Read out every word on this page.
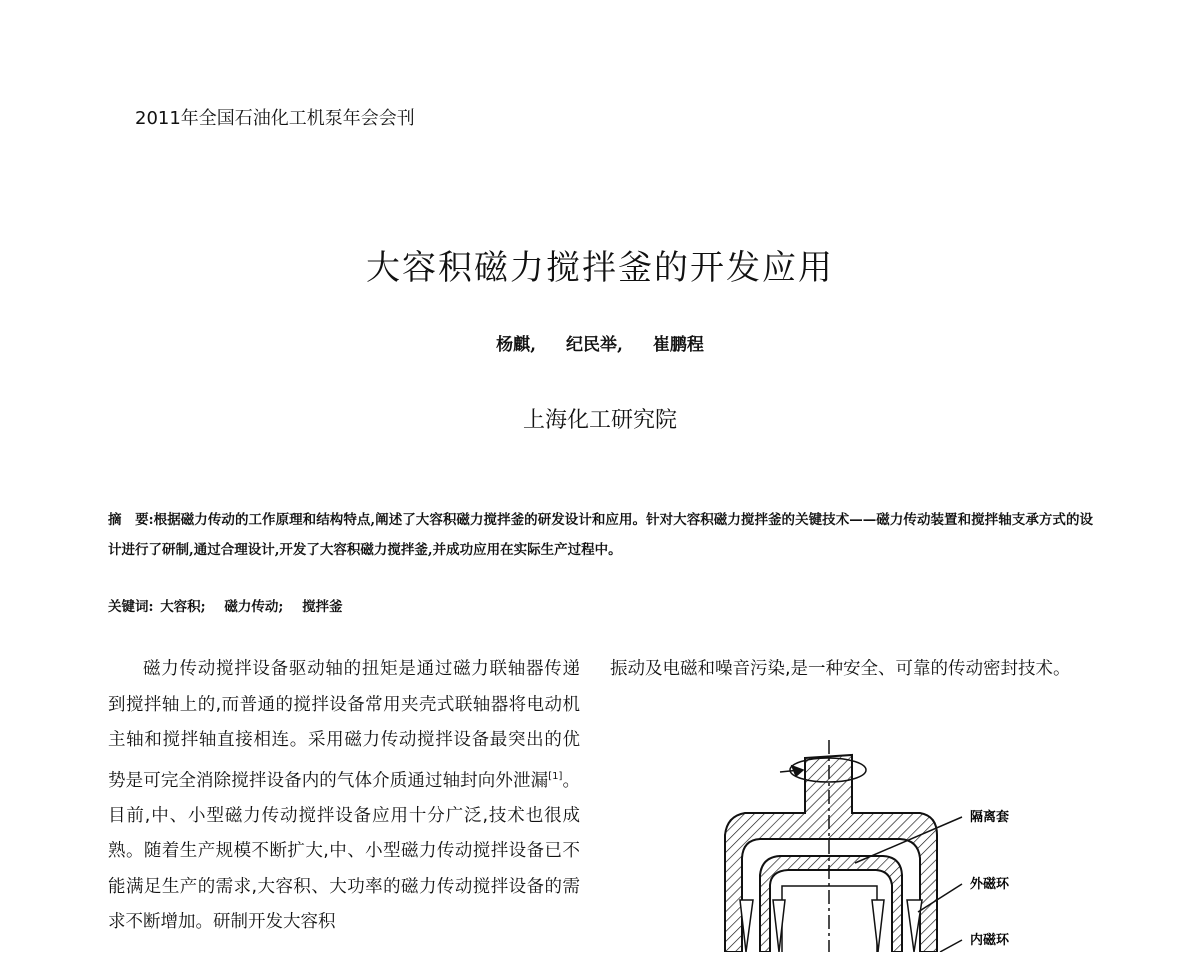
2011年全国石油化工机泵年会会刊
大容积磁力搅拌釜的开发应用
杨麒, 纪民举, 崔鹏程
上海化工研究院
摘　要:根据磁力传动的工作原理和结构特点,阐述了大容积磁力搅拌釜的研发设计和应用。针对大容积磁力搅拌釜的关键技术——磁力传动装置和搅拌轴支承方式的设计进行了研制,通过合理设计,开发了大容积磁力搅拌釜,并成功应用在实际生产过程中。
关键词: 大容积; 磁力传动; 搅拌釜
磁力传动搅拌设备驱动轴的扭矩是通过磁力联轴器传递到搅拌轴上的,而普通的搅拌设备常用夹壳式联轴器将电动机主轴和搅拌轴直接相连。采用磁力传动搅拌设备最突出的优势是可完全消除搅拌设备内的气体介质通过轴封向外泄漏[1]。目前,中、小型磁力传动搅拌设备应用十分广泛,技术也很成熟。随着生产规模不断扩大,中、小型磁力传动搅拌设备已不能满足生产的需求,大容积、大功率的磁力传动搅拌设备的需求不断增加。研制开发大容积
振动及电磁和噪音污染,是一种安全、可靠的传动密封技术。
隔离套
外磁环
内磁环
